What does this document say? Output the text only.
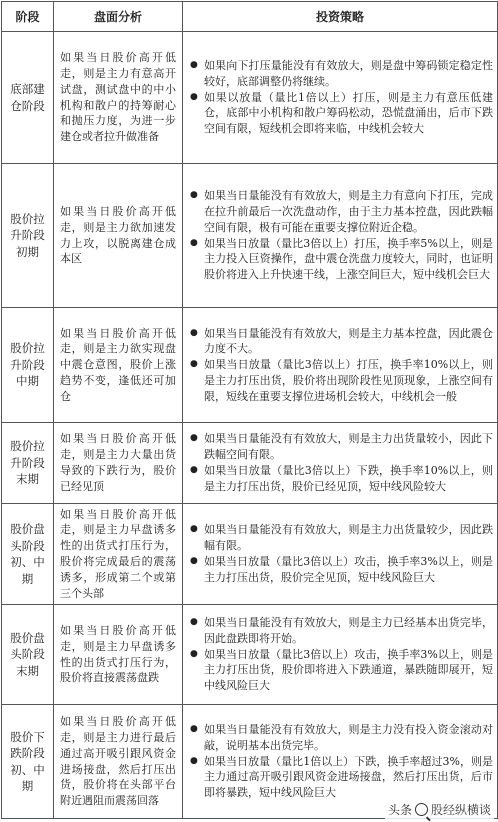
阶段	盘面分析	投资策略
底部建仓阶段	如果当日股价高开低走，则是主力有意高开试盘，测试盘中的中小机构和散户的持筹耐心和抛压力度，为进一步建仓或者拉升做准备	● 如果向下打压量能没有有效放大，则是盘中筹码锁定稳定性较好，底部调整仍将继续。
● 如果以放量（量比1倍以上）打压，则是主力有意压低建仓，底部中小机构和散户筹码松动，恐慌盘涌出，后市下跌空间有限，短线机会即将来临，中线机会较大

股价拉升阶段初期	如果当日股价高开低走，则是主力欲加速发力上攻，以脱离建仓成本区	● 如果当日量能没有有效放大，则是主力有意向下打压，完成在拉升前最后一次洗盘动作，由于主力基本控盘，因此跌幅空间有限，极有可能在重要支撑位附近企稳。
● 如果当日放量（量比3倍以上）打压，换手率5%以上，则是主力投入巨资操作，盘中震仓洗盘力度较大，同时，也证明股价将进入上升快速干线，上涨空间巨大，短中线机会巨大

股价拉升阶段中期	如果当日股价高开低走，则是主力欲实现盘中震仓意图，股价上涨趋势不变，逢低还可加仓	● 如果当日量能没有有效放大，则是主力基本控盘，因此震仓力度不大。
● 如果当日放量（量比3倍以上）打压，换手率10%以上，则是主力打压出货，股价将出现阶段性见顶现象，上涨空间有限，短线在重要支撑位进场机会较大，中线机会一般

股价拉升阶段末期	如果当日股价高开低走，则是主力大量出货导致的下跌行为，股价已经见顶	● 如果当日量能没有有效放大，则是主力出货量较小，因此下跌幅空间有限。
● 如果当日放量（量比3倍以上）下跌，换手率10%以上，则是主力打压出货，股价已经见顶，短中线风险较大

股价盘头阶段初、中期	如果当日股价高开低走，则是主力早盘诱多性的出货式打压行为，股价将完成最后的震荡诱多，形成第二个或第三个头部	● 如果当日量能没有有效放大，则是主力出货量较少，因此跌幅有限。
● 如果当日放量（量比3倍以上）攻击，换手率3%以上，则是主力打压出货，股价完全见顶，短中线风险巨大

股价盘头阶段末期	如果当日股价高开低走，则是主力早盘诱多性的出货式打压行为，股价将直接震荡盘跌	● 如果当日量能没有有效放大，则是主力已经基本出货完毕，因此盘跌即将开始。
● 如果当日放量（量比3倍以上）攻击，换手率3%以上，则是主力打压出货，股价即将进入下跌通道，暴跌随即展开，短中线风险巨大

股价下跌阶段初、中期	如果当日股价高开低走，则是主力进行最后通过高开吸引跟风资金进场接盘，然后打压出货，股价将在头部平台附近遇阻而震荡回落	● 如果当日量能没有有效放大，则是主力没有投入资金滚动对敲，说明基本出货完毕。
● 如果当日放量（量比1倍以上）下跌，换手率超过3%，则是主力通过高开吸引跟风资金进场接盘，然后打压出货，后市即将暴跌，短中线风险巨大
头条 股经纵横谈
